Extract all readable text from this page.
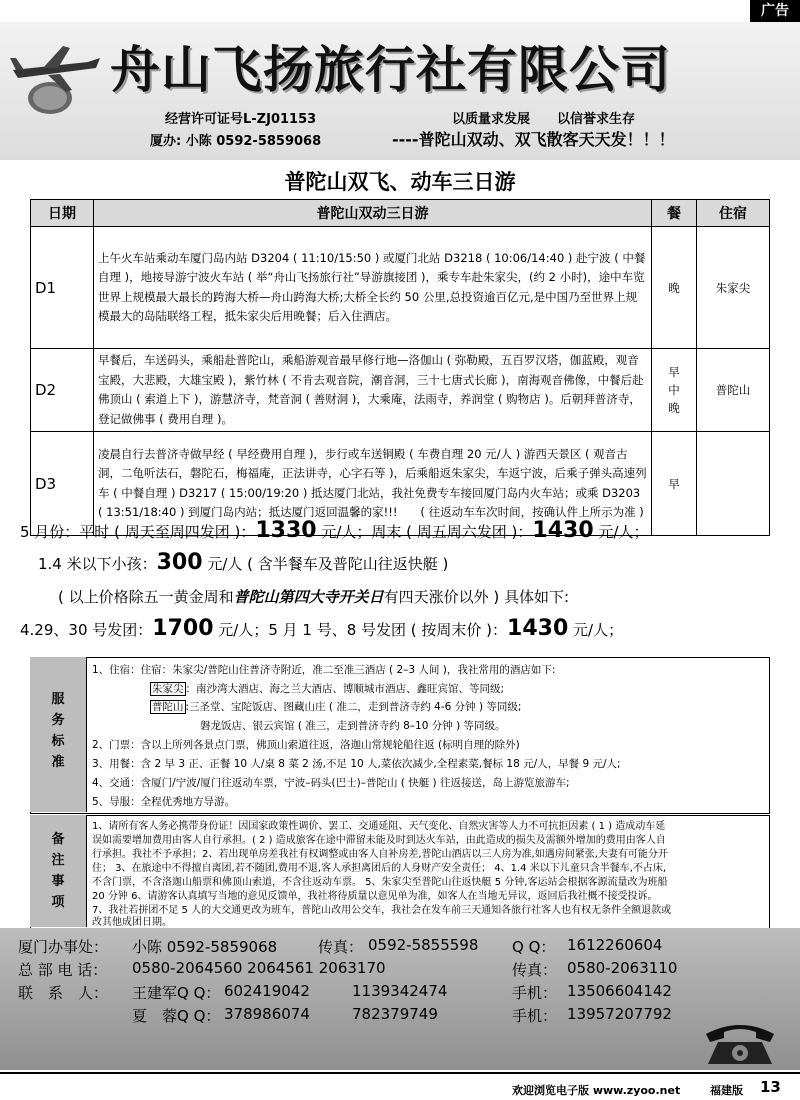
广告
舟山飞扬旅行社有限公司
经营许可证号L-ZJ01153	以质量求发展 以信誉求生存
厦办: 小陈 0592-5859068	----普陀山双动、双飞散客天天发！！！
普陀山双飞、动车三日游
日期	普陀山双动三日游	餐	住宿
D1	上午火车站乘动车厦门岛内站 D3204 ( 11:10/15:50 ) 或厦门北站 D3218 ( 10:06/14:40 ) 赴宁波 ( 中餐自理 )，地接导游宁波火车站 ( 举“舟山飞扬旅行社”导游旗接团 )，乘专车赴朱家尖，(约 2 小时)，途中车览世界上规模最大最长的跨海大桥—舟山跨海大桥;大桥全长约 50 公里,总投资逾百亿元,是中国乃至世界上规模最大的岛陆联络工程，抵朱家尖后用晚餐；后入住酒店。	晚	朱家尖
D2	早餐后，车送码头，乘船赴普陀山，乘船游观音最早修行地—洛伽山 ( 弥勒殿，五百罗汉塔，伽蓝殿，观音宝殿，大悲殿，大雄宝殿 )，紫竹林 ( 不肯去观音院，潮音洞，三十七唐式长廊 )，南海观音佛像，中餐后赴佛顶山 ( 索道上下 )，游慧济寺，梵音洞 ( 善财洞 )，大乘庵，法雨寺，养润堂 ( 购物店 )。后朝拜普济寺，登记做佛事 ( 费用自理 )。	早中晚	普陀山
D3	凌晨自行去普济寺做早经 ( 早经费用自理 )，步行或车送铜殿 ( 车费自理 20 元/人 ) 游西天景区 ( 观音古洞，二龟听法石，磐陀石，梅福庵，正法讲寺，心字石等 )，后乘船返朱家尖，车返宁波，后乘子弹头高速列车 ( 中餐自理 ) D3217 ( 15:00/19:20 ) 抵达厦门北站，我社免费专车接回厦门岛内火车站；或乘 D3203 ( 13:51/18:40 ) 到厦门岛内站；抵达厦门返回温馨的家!!!　　( 往返动车车次时间，按确认件上所示为准 )	早	
5 月份：平时 ( 周天至周四发团 )：1330 元/人；周末 ( 周五周六发团 )：1430 元/人；
1.4 米以下小孩：300 元/人 ( 含半餐车及普陀山往返快艇 )
( 以上价格除五一黄金周和普陀山第四大寺开关日有四天涨价以外 ) 具体如下:
4.29、30 号发团：1700 元/人；5 月 1 号、8 号发团 ( 按周末价 )：1430 元/人；
服
务
标
准
1、住宿：住宿：朱家尖/普陀山住普济寺附近，准二至准三酒店 ( 2–3 人间 )，我社常用的酒店如下:
朱家尖 ：南沙湾大酒店、海之兰大酒店、博顺城市酒店、鑫旺宾馆、等同级;
普陀山 :三圣堂、宝陀饭店、图藏山庄 ( 准二，走到普济寺约 4-6 分钟 ) 等同级;
磐龙饭店、银云宾馆 ( 准三，走到普济寺约 8–10 分钟 ) 等同级。
2、门票：含以上所列各景点门票，佛顶山索道往返，洛迦山常规轮船往返 (标明自理的除外)
3、用餐：含 2 早 3 正、正餐 10 人/桌 8 菜 2 汤,不足 10 人,菜依次减少,全程素菜,餐标 18 元/人，早餐 9 元/人;
4、交通：含厦门/宁波/厦门往返动车票，宁波–码头(巴士)–普陀山 ( 快艇 ) 往返接送，岛上游览旅游车;
5、导服：全程优秀地方导游。
备
注
事
项
1、请所有客人务必携带身份证！因国家政策性调价、罢工、交通延阻、天气变化、自然灾害等人力不可抗拒因素 ( 1 ) 造成动车延
误如需要增加费用由客人自行承担。( 2 ) 造成旅客在途中滞留未能及时到达火车站，由此造成的损失及需额外增加的费用由客人自
行承担。我社不予承担；2、若出现单房差我社有权调整或由客人自补房差,普陀山酒店以三人房为准,如遇房间紧张,夫妻有可能分开
住； 3、在旅途中不得擅自离团,若不随团,费用不退,客人承担离团后的人身财产安全责任； 4、1.4 米以下儿童只含半餐车,不占床,
不含门票，不含洛迦山船票和佛顶山索道，不含往返动车票。 5、朱家尖至普陀山往返快艇 5 分钟,客运站会根据客源流量改为班船
20 分钟 6、请游客认真填写当地的意见反馈单，我社将待质量以意见单为准，如客人在当地无异议，返回后我社概不接受投诉。
7、我社若拼团不足 5 人的大交通更改为班车，普陀山改用公交车，我社会在发车前三天通知各旅行社客人也有权无条件全额退款或
改其他成团日期。
厦门办事处： 小陈 0592-5859068	传真： 0592-5855598 Q Q： 1612260604
总 部 电 话： 0580-2064560 2064561 2063170	传真： 0580-2063110
联　系　人： 王建军Q Q： 602419042	1139342474	手机： 13506604142
夏　蓉Q Q： 378986074	782379749	手机： 13957207792
欢迎浏览电子版 www.zyoo.net	福建版 13
